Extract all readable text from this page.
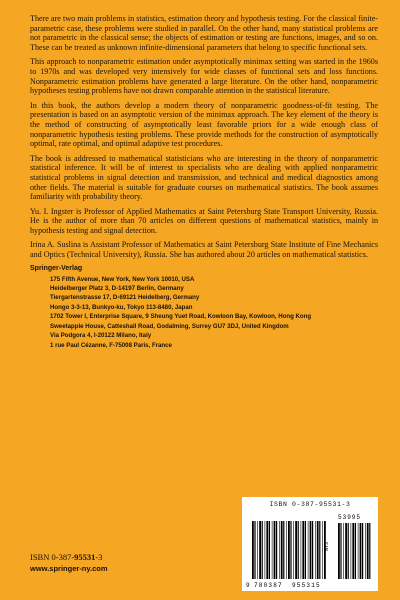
There are two main problems in statistics, estimation theory and hypothesis testing. For the classical finite-parametric case, these problems were studied in parallel. On the other hand, many statistical problems are not parametric in the classical sense; the objects of estimation or testing are functions, images, and so on. These can be treated as unknown infinite-dimensional parameters that belong to specific functional sets.

This approach to nonparametric estimation under asymptotically minimax setting was started in the 1960s to 1970s and was developed very intensively for wide classes of functional sets and loss functions. Nonparametric estimation problems have generated a large literature. On the other hand, nonparametric hypotheses testing problems have not drawn comparable attention in the statistical literature.

In this book, the authors develop a modern theory of nonparametric goodness-of-fit testing. The presentation is based on an asymptotic version of the minimax approach. The key element of the theory is the method of constructing of asymptotically least favorable priors for a wide enough class of nonparametric hypothesis testing problems. These provide methods for the construction of asymptotically optimal, rate optimal, and optimal adaptive test procedures.

The book is addressed to mathematical statisticians who are interesting in the theory of nonparametric statistical inference. It will be of interest to specialists who are dealing with applied nonparametric statistical problems in signal detection and transmission, and technical and medical diagnostics among other fields. The material is suitable for graduate courses on mathematical statistics. The book assumes familiarity with probability theory.

Yu. I. Ingster is Professor of Applied Mathematics at Saint Petersburg State Transport University, Russia. He is the author of more than 70 articles on different questions of mathematical statistics, mainly in hypothesis testing and signal detection.

Irina A. Suslina is Assistant Professor of Mathematics at Saint Petersburg State Institute of Fine Mechanics and Optics (Technical University), Russia. She has authored about 20 articles on mathematical statistics.

Springer-Verlag

175 Fifth Avenue, New York, New York 10010, USA
Heidelberger Platz 3, D-14197 Berlin, Germany
Tiergartenstrasse 17, D-69121 Heidelberg, Germany
Hongo 3-3-13, Bunkyo-ku, Tokyo 113-8480, Japan
1702 Tower I, Enterprise Square, 9 Sheung Yuet Road, Kowloon Bay, Kowloon, Hong Kong
Sweetapple House, Catteshall Road, Godalming, Surrey GU7 3DJ, United Kingdom
Via Podgora 4, I-20122 Milano, Italy
1 rue Paul Cézanne, F-75008 Paris, France

ISBN 0-387-95531-3

www.springer-ny.com

ISBN 0-387-95531-3
9 780387 955315
53995
NYS
